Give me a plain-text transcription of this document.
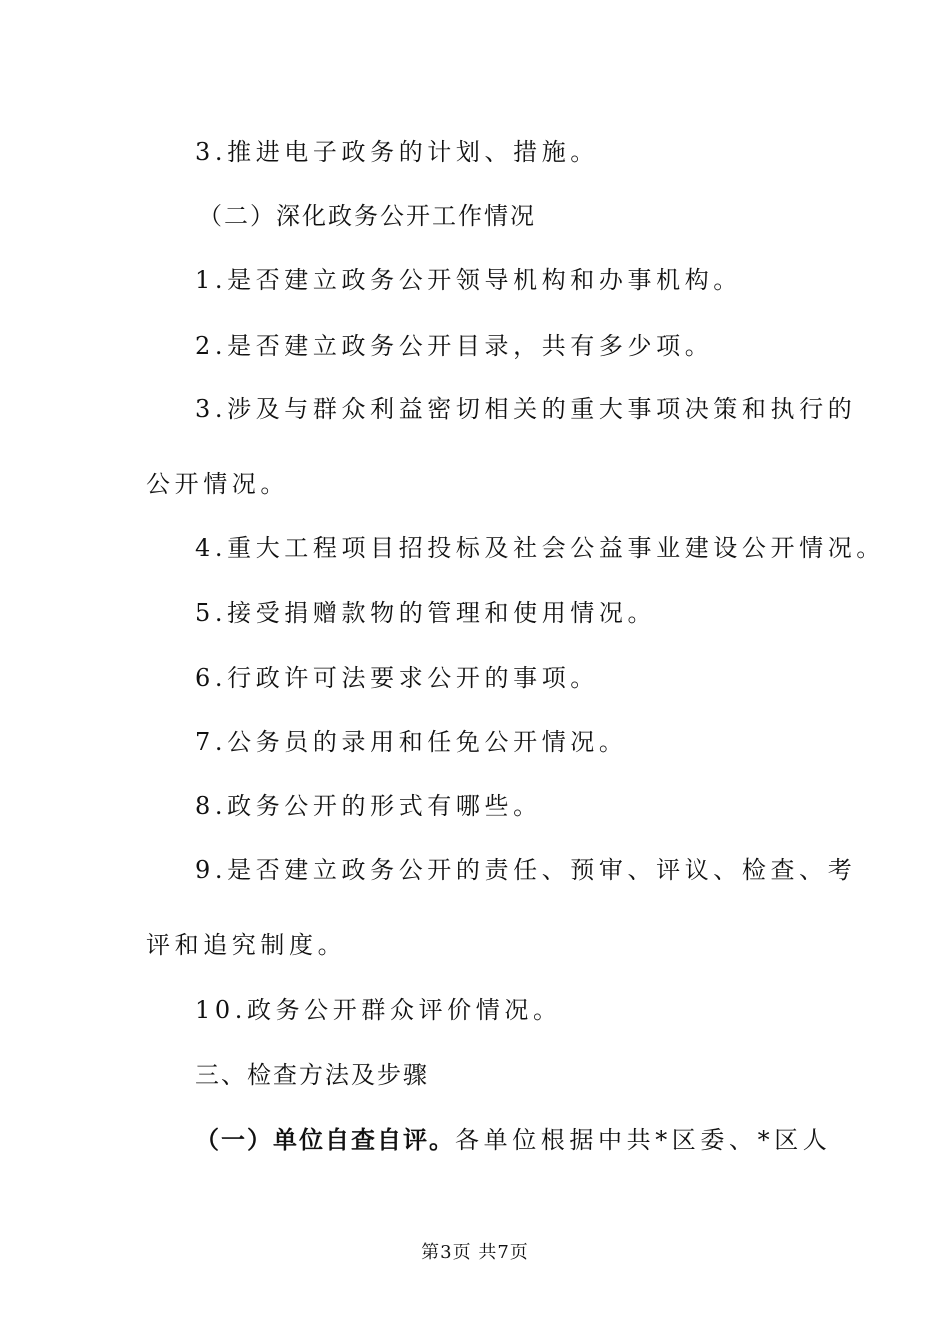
3.推进电子政务的计划、措施。
（二）深化政务公开工作情况
1.是否建立政务公开领导机构和办事机构。
2.是否建立政务公开目录，共有多少项。
3.涉及与群众利益密切相关的重大事项决策和执行的
公开情况。
4.重大工程项目招投标及社会公益事业建设公开情况。
5.接受捐赠款物的管理和使用情况。
6.行政许可法要求公开的事项。
7.公务员的录用和任免公开情况。
8.政务公开的形式有哪些。
9.是否建立政务公开的责任、预审、评议、检查、考
评和追究制度。
10.政务公开群众评价情况。
三、检查方法及步骤
（一）单位自查自评。各单位根据中共*区委、*区人
第3页 共7页
